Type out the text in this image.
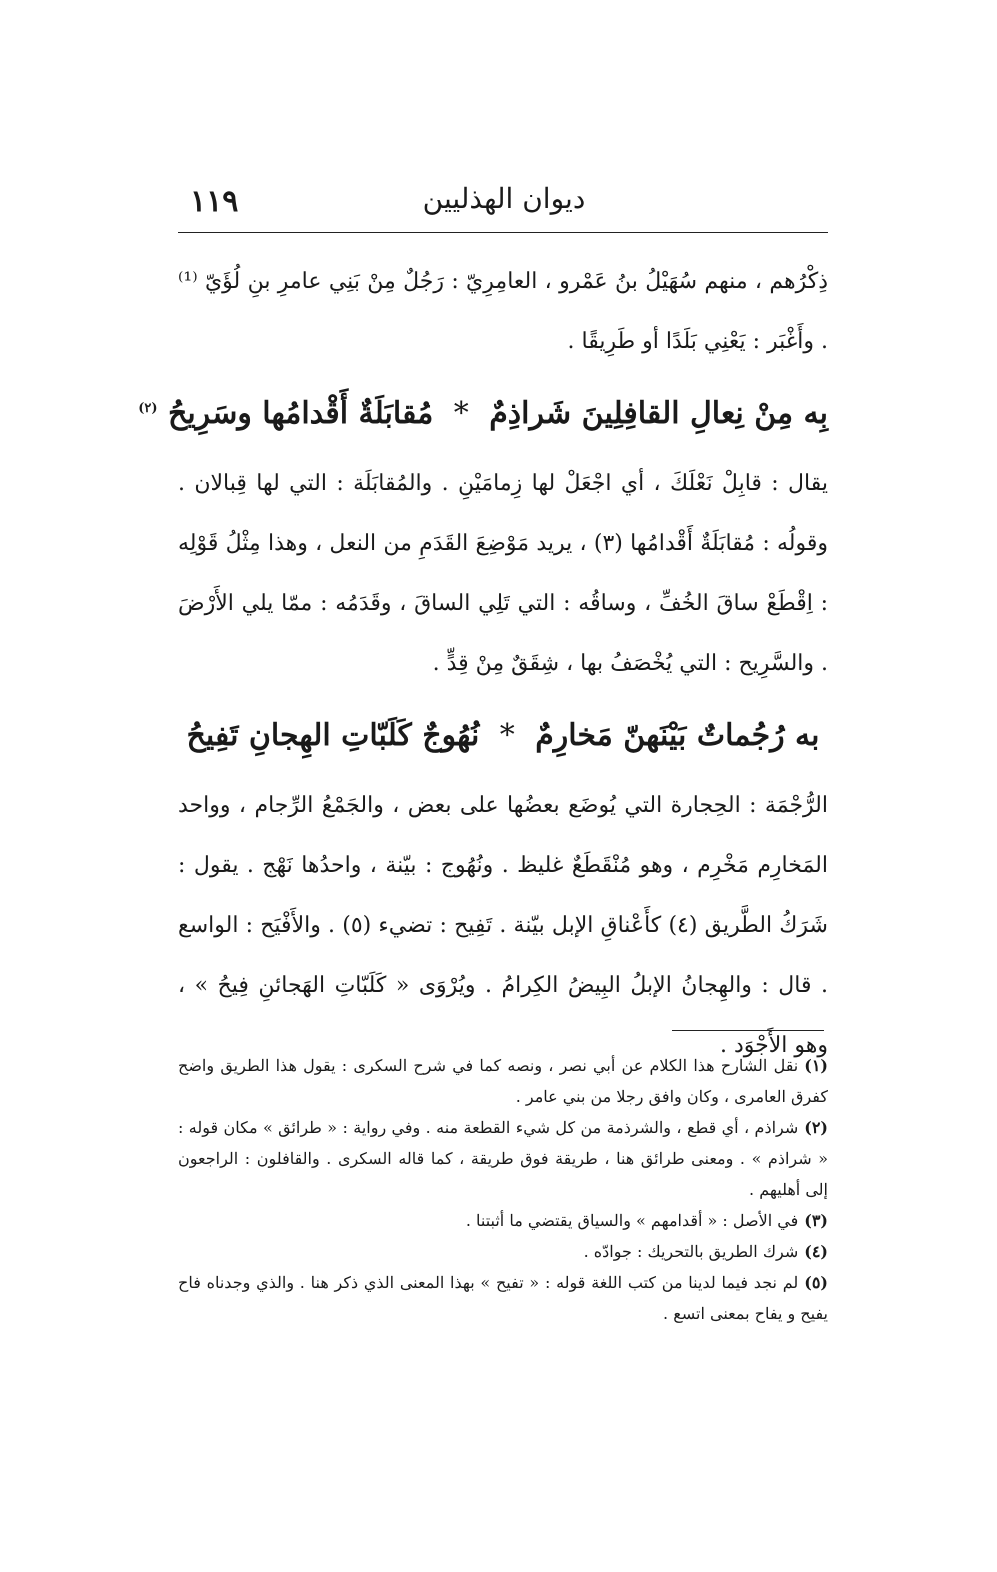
١١٩	ديوان الهذليين

ذِكْرُهم ، منهم سُهَيْلُ بنُ عَمْرو ، العامِرِيّ : رَجُلٌ مِنْ بَنِي عامرِ بنِ لُؤَيّ ⁽¹⁾ . وأَغْبَر : يَعْنِي بَلَدًا أو طَرِيقًا .

بِه مِنْ نِعالِ القافِلِينَ شَراذِمٌ * مُقابَلَةٌ أَقْدامُها وسَرِيحُ $^{(٢)}$

يقال : قابِلْ نَعْلَكَ ، أي اجْعَلْ لها زِمامَيْنِ . والمُقابَلَة : التي لها قِبالان . وقولُه : مُقابَلَةٌ أَقْدامُها (٣) ، يريد مَوْضِعَ القَدَمِ من النعل ، وهذا مِثْلُ قَوْلِه : اِقْطَعْ ساقَ الخُفِّ ، وساقُه : التي تَلِي الساقَ ، وقَدَمُه : ممّا يلي الأَرْضَ . والسَّرِيح : التي يُخْصَفُ بها ، شِقَقٌ مِنْ قِدٍّ .

به رُجُماتٌ بَيْنَهنّ مَخارِمٌ * نُهُوجٌ كَلَبّاتِ الهِجانِ تَفِيحُ

الرُّجْمَة : الحِجارة التي يُوضَع بعضُها على بعض ، والجَمْعُ الرِّجام ، وواحد المَخارِم مَخْرِم ، وهو مُنْقَطَعٌ غليظ . ونُهُوج : بيّنة ، واحدُها نَهْج . يقول : شَرَكُ الطَّريق (٤) كأَعْناقِ الإبل بيّنة . تَفِيح : تضيء (٥) . والأَفْيَح : الواسع . قال : والهِجانُ الإبلُ البِيضُ الكِرامُ . ويُرْوَى « كَلَبّاتِ الهَجائنِ فِيحُ » ، وهو الأَجْوَد .

(١)نقل الشارح هذا الكلام عن أبي نصر ، ونصه كما في شرح السكرى : يقول هذا الطريق واضح كفرق العامرى ، وكان وافق رجلا من بني عامر .

(٢)شراذم ، أي قطع ، والشرذمة من كل شيء القطعة منه . وفي رواية : « طرائق » مكان قوله : « شراذم » . ومعنى طرائق هنا ، طريقة فوق طريقة ، كما قاله السكرى . والقافلون : الراجعون إلى أهليهم .

(٣)في الأصل : « أقدامهم » والسياق يقتضي ما أثبتنا .

(٤)شرك الطريق بالتحريك : جوادّه .

(٥)لم نجد فيما لدينا من كتب اللغة قوله : « تفيح » بهذا المعنى الذي ذكر هنا . والذي وجدناه فاح يفيح و يفاح بمعنى اتسع .
